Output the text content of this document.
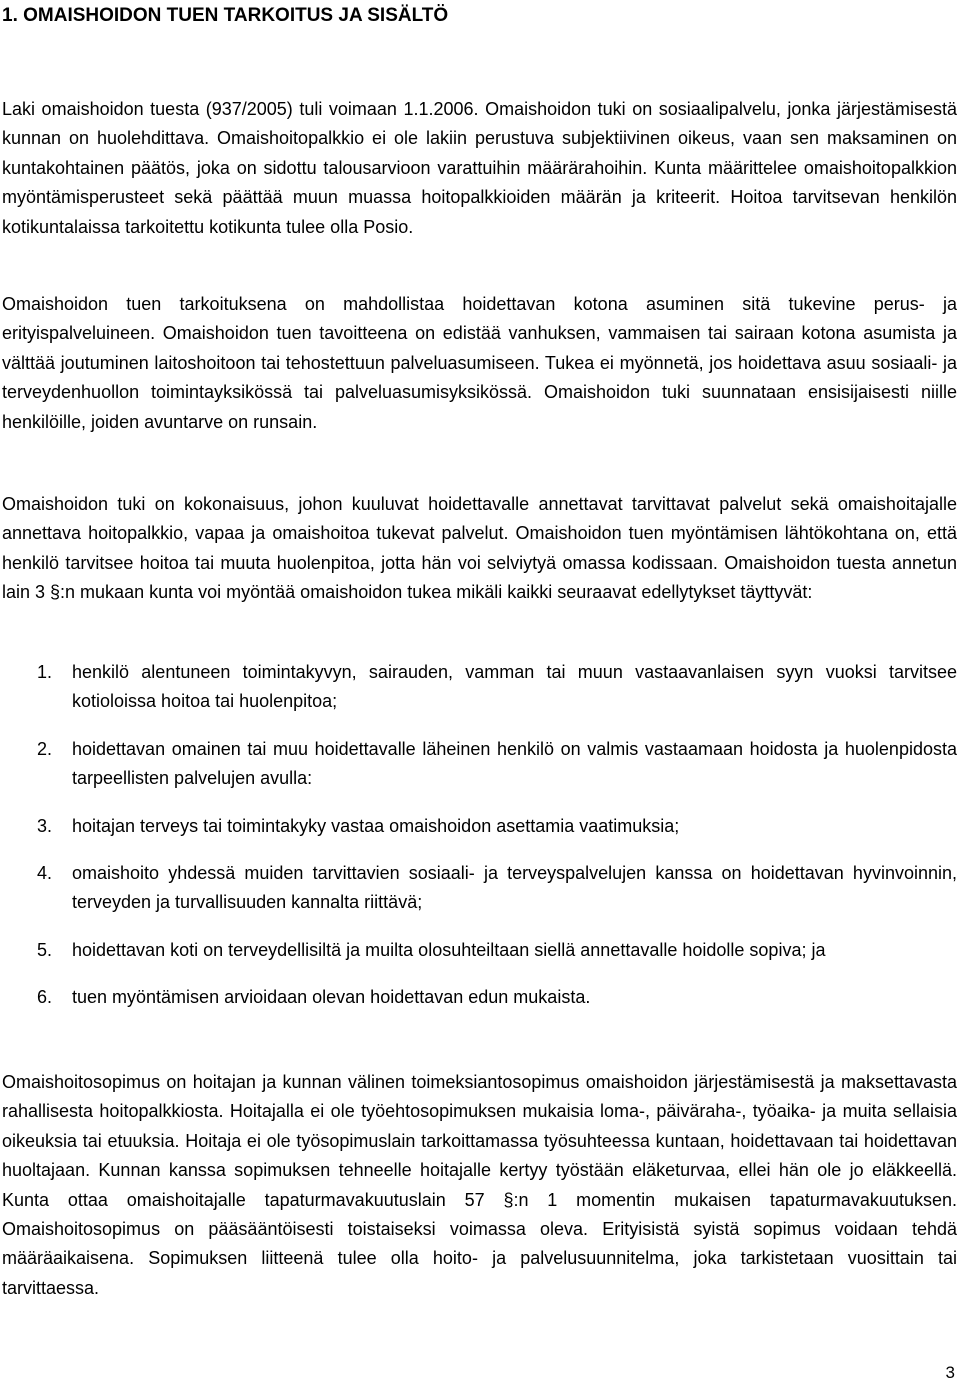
1. OMAISHOIDON TUEN TARKOITUS JA SISÄLTÖ

Laki omaishoidon tuesta (937/2005) tuli voimaan 1.1.2006. Omaishoidon tuki on sosiaalipalvelu, jonka järjestämisestä kunnan on huolehdittava. Omaishoitopalkkio ei ole lakiin perustuva subjektiivinen oikeus, vaan sen maksaminen on kuntakohtainen päätös, joka on sidottu talousarvioon varattuihin määrärahoihin. Kunta määrittelee omaishoitopalkkion myöntämisperusteet sekä päättää muun muassa hoitopalkkioiden määrän ja kriteerit. Hoitoa tarvitsevan henkilön kotikuntalaissa tarkoitettu kotikunta tulee olla Posio.

Omaishoidon tuen tarkoituksena on mahdollistaa hoidettavan kotona asuminen sitä tukevine perus- ja erityispalveluineen. Omaishoidon tuen tavoitteena on edistää vanhuksen, vammaisen tai sairaan kotona asumista ja välttää joutuminen laitoshoitoon tai tehostettuun palveluasumiseen. Tukea ei myönnetä, jos hoidettava asuu sosiaali- ja terveydenhuollon toimintayksikössä tai palveluasumisyksikössä. Omaishoidon tuki suunnataan ensisijaisesti niille henkilöille, joiden avuntarve on runsain.

Omaishoidon tuki on kokonaisuus, johon kuuluvat hoidettavalle annettavat tarvittavat palvelut sekä omaishoitajalle annettava hoitopalkkio, vapaa ja omaishoitoa tukevat palvelut. Omaishoidon tuen myöntämisen lähtökohtana on, että henkilö tarvitsee hoitoa tai muuta huolenpitoa, jotta hän voi selviytyä omassa kodissaan. Omaishoidon tuesta annetun lain 3 §:n mukaan kunta voi myöntää omaishoidon tukea mikäli kaikki seuraavat edellytykset täyttyvät:

1. henkilö alentuneen toimintakyvyn, sairauden, vamman tai muun vastaavanlaisen syyn vuoksi tarvitsee kotioloissa hoitoa tai huolenpitoa;
2. hoidettavan omainen tai muu hoidettavalle läheinen henkilö on valmis vastaamaan hoidosta ja huolenpidosta tarpeellisten palvelujen avulla:
3. hoitajan terveys tai toimintakyky vastaa omaishoidon asettamia vaatimuksia;
4. omaishoito yhdessä muiden tarvittavien sosiaali- ja terveyspalvelujen kanssa on hoidettavan hyvinvoinnin, terveyden ja turvallisuuden kannalta riittävä;
5. hoidettavan koti on terveydellisiltä ja muilta olosuhteiltaan siellä annettavalle hoidolle sopiva; ja
6. tuen myöntämisen arvioidaan olevan hoidettavan edun mukaista.

Omaishoitosopimus on hoitajan ja kunnan välinen toimeksiantosopimus omaishoidon järjestämisestä ja maksettavasta rahallisesta hoitopalkkiosta. Hoitajalla ei ole työehtosopimuksen mukaisia loma-, päiväraha-, työaika- ja muita sellaisia oikeuksia tai etuuksia. Hoitaja ei ole työsopimuslain tarkoittamassa työsuhteessa kuntaan, hoidettavaan tai hoidettavan huoltajaan. Kunnan kanssa sopimuksen tehneelle hoitajalle kertyy työstään eläketurvaa, ellei hän ole jo eläkkeellä. Kunta ottaa omaishoitajalle tapaturmavakuutuslain 57 §:n 1 momentin mukaisen tapaturmavakuutuksen. Omaishoitosopimus on pääsääntöisesti toistaiseksi voimassa oleva. Erityisistä syistä sopimus voidaan tehdä määräaikaisena. Sopimuksen liitteenä tulee olla hoito- ja palvelusuunnitelma, joka tarkistetaan vuosittain tai tarvittaessa.

3
